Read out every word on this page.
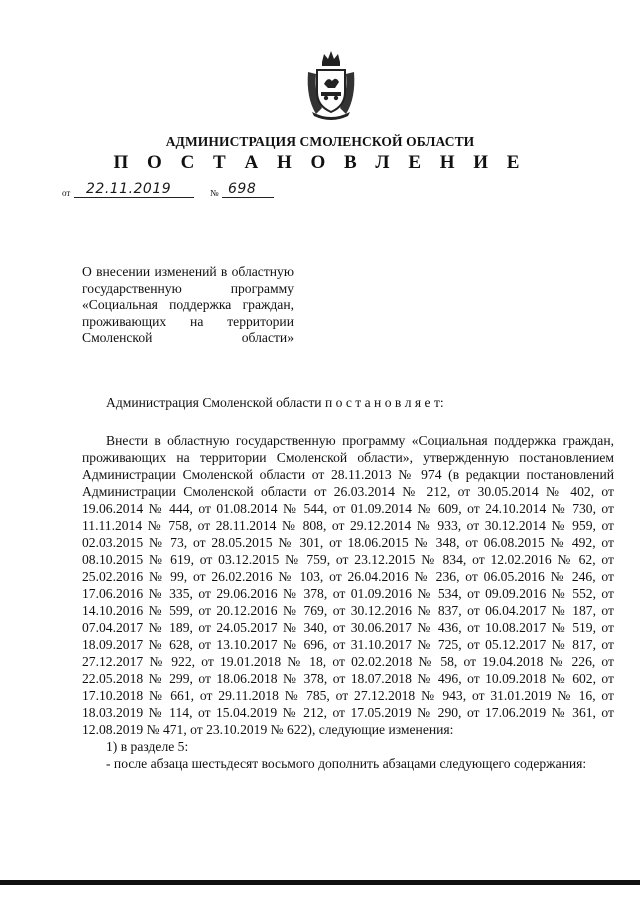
АДМИНИСТРАЦИЯ СМОЛЕНСКОЙ ОБЛАСТИ
П О С Т А Н О В Л Е Н И Е
от 22.11.2019	№ 698
О внесении изменений в областную государственную программу «Социальная поддержка граждан, проживающих на территории Смоленской области»
Администрация Смоленской области п о с т а н о в л я е т:

Внести в областную государственную программу «Социальная поддержка граждан, проживающих на территории Смоленской области», утвержденную постановлением Администрации Смоленской области от 28.11.2013 № 974 (в редакции постановлений Администрации Смоленской области от 26.03.2014 № 212, от 30.05.2014 № 402, от 19.06.2014 № 444, от 01.08.2014 № 544, от 01.09.2014 № 609, от 24.10.2014 № 730, от 11.11.2014 № 758, от 28.11.2014 № 808, от 29.12.2014 № 933, от 30.12.2014 № 959, от 02.03.2015 № 73, от 28.05.2015 № 301, от 18.06.2015 № 348, от 06.08.2015 № 492, от 08.10.2015 № 619, от 03.12.2015 № 759, от 23.12.2015 № 834, от 12.02.2016 № 62, от 25.02.2016 № 99, от 26.02.2016 № 103, от 26.04.2016 № 236, от 06.05.2016 № 246, от 17.06.2016 № 335, от 29.06.2016 № 378, от 01.09.2016 № 534, от 09.09.2016 № 552, от 14.10.2016 № 599, от 20.12.2016 № 769, от 30.12.2016 № 837, от 06.04.2017 № 187, от 07.04.2017 № 189, от 24.05.2017 № 340, от 30.06.2017 № 436, от 10.08.2017 № 519, от 18.09.2017 № 628, от 13.10.2017 № 696, от 31.10.2017 № 725, от 05.12.2017 № 817, от 27.12.2017 № 922, от 19.01.2018 № 18, от 02.02.2018 № 58, от 19.04.2018 № 226, от 22.05.2018 № 299, от 18.06.2018 № 378, от 18.07.2018 № 496, от 10.09.2018 № 602, от 17.10.2018 № 661, от 29.11.2018 № 785, от 27.12.2018 № 943, от 31.01.2019 № 16, от 18.03.2019 № 114, от 15.04.2019 № 212, от 17.05.2019 № 290, от 17.06.2019 № 361, от 12.08.2019 № 471, от 23.10.2019 № 622), следующие изменения:

1) в разделе 5:

- после абзаца шестьдесят восьмого дополнить абзацами следующего содержания:
